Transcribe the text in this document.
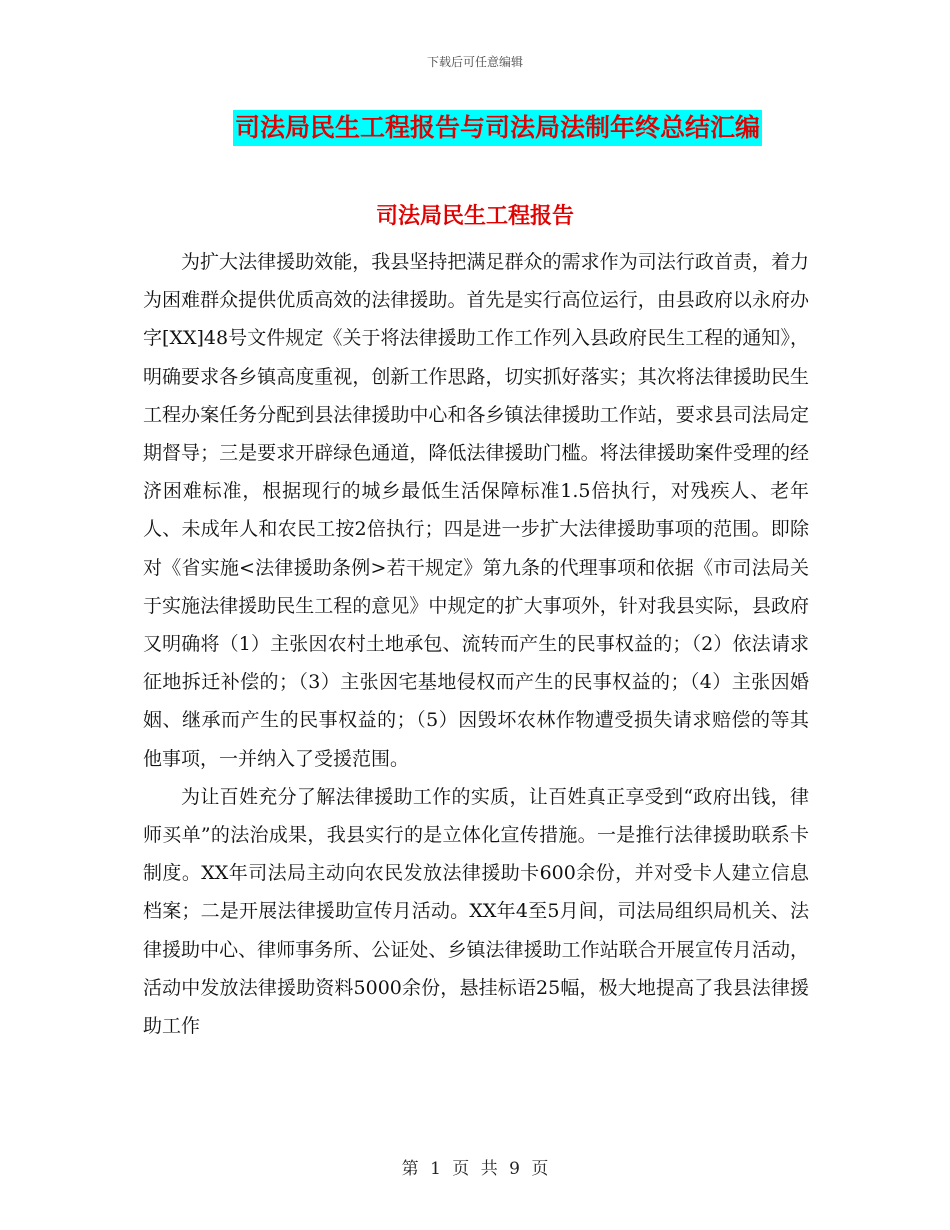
下载后可任意编辑
司法局民生工程报告与司法局法制年终总结汇编
司法局民生工程报告

为扩大法律援助效能，我县坚持把满足群众的需求作为司法行政首责，着力为困难群众提供优质高效的法律援助。首先是实行高位运行，由县政府以永府办字[XX]48号文件规定《关于将法律援助工作工作列入县政府民生工程的通知》，明确要求各乡镇高度重视，创新工作思路，切实抓好落实；其次将法律援助民生工程办案任务分配到县法律援助中心和各乡镇法律援助工作站，要求县司法局定期督导；三是要求开辟绿色通道，降低法律援助门槛。将法律援助案件受理的经济困难标准，根据现行的城乡最低生活保障标准1.5倍执行，对残疾人、老年人、未成年人和农民工按2倍执行；四是进一步扩大法律援助事项的范围。即除对《省实施<法律援助条例>若干规定》第九条的代理事项和依据《市司法局关于实施法律援助民生工程的意见》中规定的扩大事项外，针对我县实际，县政府又明确将（1）主张因农村土地承包、流转而产生的民事权益的；（2）依法请求征地拆迁补偿的；（3）主张因宅基地侵权而产生的民事权益的；（4）主张因婚姻、继承而产生的民事权益的；（5）因毁坏农林作物遭受损失请求赔偿的等其他事项，一并纳入了受援范围。

为让百姓充分了解法律援助工作的实质，让百姓真正享受到“政府出钱，律师买单”的法治成果，我县实行的是立体化宣传措施。一是推行法律援助联系卡制度。XX年司法局主动向农民发放法律援助卡600余份，并对受卡人建立信息档案；二是开展法律援助宣传月活动。XX年4至5月间，司法局组织局机关、法律援助中心、律师事务所、公证处、乡镇法律援助工作站联合开展宣传月活动，活动中发放法律援助资料5000余份，悬挂标语25幅，极大地提高了我县法律援助工作

第 1 页 共 9 页
